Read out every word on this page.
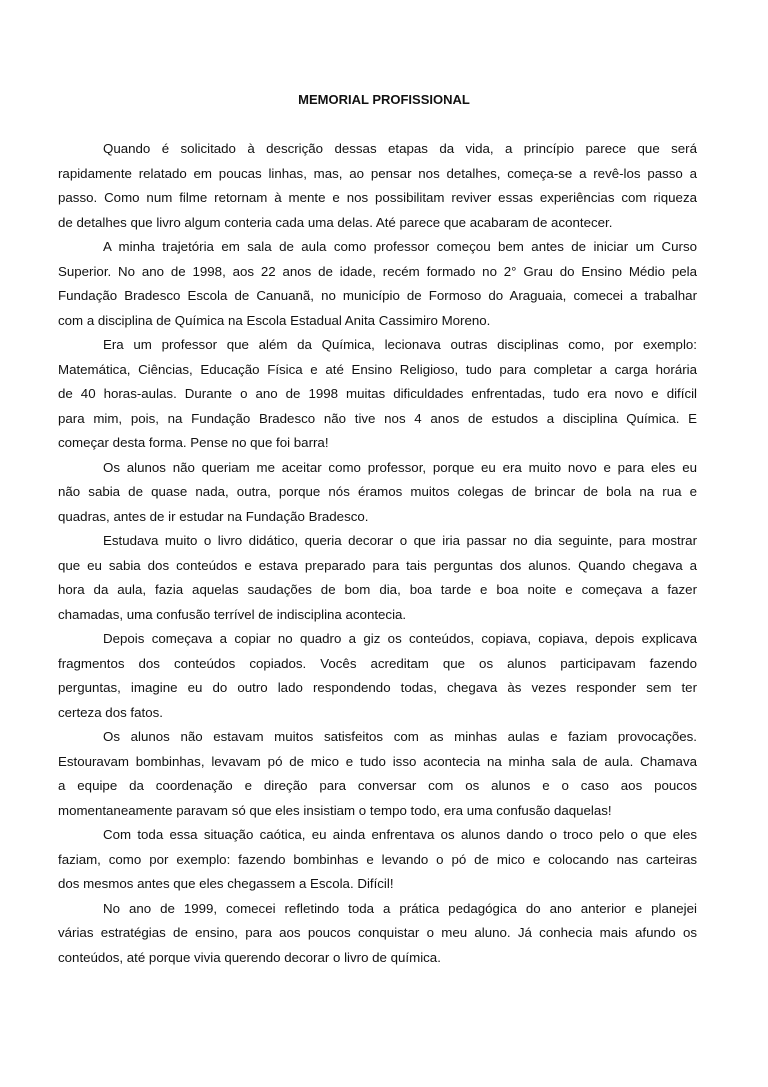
MEMORIAL PROFISSIONAL
Quando é solicitado à descrição dessas etapas da vida, a princípio parece que será
rapidamente relatado em poucas linhas, mas, ao pensar nos detalhes, começa-se a revê-los passo a
passo. Como num filme retornam à mente e nos possibilitam reviver essas experiências com riqueza
de detalhes que livro algum conteria cada uma delas. Até parece que acabaram de acontecer.
A minha trajetória em sala de aula como professor começou bem antes de iniciar um Curso
Superior. No ano de 1998, aos 22 anos de idade, recém formado no 2° Grau do Ensino Médio pela
Fundação Bradesco Escola de Canuanã, no município de Formoso do Araguaia, comecei a trabalhar
com a disciplina de Química na Escola Estadual Anita Cassimiro Moreno.
Era um professor que além da Química, lecionava outras disciplinas como, por exemplo:
Matemática, Ciências, Educação Física e até Ensino Religioso, tudo para completar a carga horária
de 40 horas-aulas. Durante o ano de 1998 muitas dificuldades enfrentadas, tudo era novo e difícil
para mim, pois, na Fundação Bradesco não tive nos 4 anos de estudos a disciplina Química. E
começar desta forma. Pense no que foi barra!
Os alunos não queriam me aceitar como professor, porque eu era muito novo e para eles eu
não sabia de quase nada, outra, porque nós éramos muitos colegas de brincar de bola na rua e
quadras, antes de ir estudar na Fundação Bradesco.
Estudava muito o livro didático, queria decorar o que iria passar no dia seguinte, para mostrar
que eu sabia dos conteúdos e estava preparado para tais perguntas dos alunos. Quando chegava a
hora da aula, fazia aquelas saudações de bom dia, boa tarde e boa noite e começava a fazer
chamadas, uma confusão terrível de indisciplina acontecia.
Depois começava a copiar no quadro a giz os conteúdos, copiava, copiava, depois explicava
fragmentos dos conteúdos copiados. Vocês acreditam que os alunos participavam fazendo
perguntas, imagine eu do outro lado respondendo todas, chegava às vezes responder sem ter
certeza dos fatos.
Os alunos não estavam muitos satisfeitos com as minhas aulas e faziam provocações.
Estouravam bombinhas, levavam pó de mico e tudo isso acontecia na minha sala de aula. Chamava
a equipe da coordenação e direção para conversar com os alunos e o caso aos poucos
momentaneamente paravam só que eles insistiam o tempo todo, era uma confusão daquelas!
Com toda essa situação caótica, eu ainda enfrentava os alunos dando o troco pelo o que eles
faziam, como por exemplo: fazendo bombinhas e levando o pó de mico e colocando nas carteiras
dos mesmos antes que eles chegassem a Escola. Difícil!
No ano de 1999, comecei refletindo toda a prática pedagógica do ano anterior e planejei
várias estratégias de ensino, para aos poucos conquistar o meu aluno. Já conhecia mais afundo os
conteúdos, até porque vivia querendo decorar o livro de química.
